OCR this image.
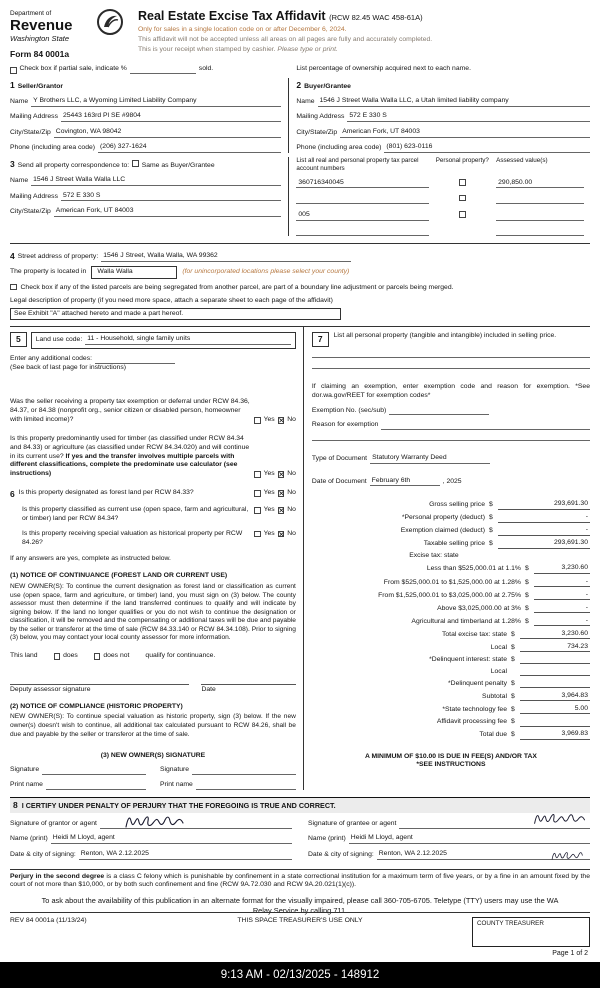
Department of
Revenue
Washington State
Form 84 0001a
Real Estate Excise Tax Affidavit (RCW 82.45 WAC 458-61A)
Only for sales in a single location code on or after December 6, 2024.
This affidavit will not be accepted unless all areas on all pages are fully and accurately completed.
This is your receipt when stamped by cashier. Please type or print.
Check box if partial sale, indicate %	sold.	List percentage of ownership acquired next to each name.
1 Seller/Grantor
Name Y Brothers LLC, a Wyoming Limited Liability Company
Mailing Address 25443 163rd Pl SE #9804
City/State/Zip Covington, WA 98042
Phone (including area code) (206) 327-1624
2 Buyer/Grantee
Name 1546 J Street Walla Walla LLC, a Utah limited liability company
Mailing Address 572 E 330 S
City/State/Zip American Fork, UT 84003
Phone (including area code) (801) 623-0116
3 Send all property correspondence to: Same as Buyer/Grantee
Name 1546 J Street Walla Walla LLC
Mailing Address 572 E 330 S
City/State/Zip American Fork, UT 84003
List all real and personal property tax parcel account numbers
Personal property?	Assessed value(s)
360716340045	290,850.00
005
4 Street address of property: 1546 J Street, Walla Walla, WA 99362
The property is located in	Walla Walla	(for unincorporated locations please select your county)
Check box if any of the listed parcels are being segregated from another parcel, are part of a boundary line adjustment or parcels being merged.
Legal description of property (if you need more space, attach a separate sheet to each page of the affidavit)
See Exhibit "A" attached hereto and made a part hereof.
5	Land use code: 11 - Household, single family units
Enter any additional codes:
(See back of last page for instructions)
Was the seller receiving a property tax exemption or deferral under RCW 84.36, 84.37, or 84.38 (nonprofit org., senior citizen or disabled person, homeowner with limited income)?	Yes ✕ No
Is this property predominantly used for timber (as classified under RCW 84.34 and 84.33) or agriculture (as classified under RCW 84.34.020) and will continue in its current use? If yes and the transfer involves multiple parcels with different classifications, complete the predominate use calculator (see instructions)	Yes ✕ No
6 Is this property designated as forest land per RCW 84.33?	Yes ✕ No
Is this property classified as current use (open space, farm and agricultural, or timber) land per RCW 84.34?
Yes ✕ No
Is this property receiving special valuation as historical property per RCW 84.26?
Yes ✕ No
If any answers are yes, complete as instructed below.
(1) NOTICE OF CONTINUANCE (FOREST LAND OR CURRENT USE)
NEW OWNER(S): To continue the current designation as forest land or classification as current use (open space, farm and agriculture, or timber) land, you must sign on (3) below. The county assessor must then determine if the land transferred continues to qualify and will indicate by signing below. If the land no longer qualifies or you do not wish to continue the designation or classification, it will be removed and the compensating or additional taxes will be due and payable by the seller or transferor at the time of sale (RCW 84.33.140 or RCW 84.34.108). Prior to signing (3) below, you may contact your local county assessor for more information.
This land	does	does not qualify for continuance.
Deputy assessor signature	Date
(2) NOTICE OF COMPLIANCE (HISTORIC PROPERTY)
NEW OWNER(S): To continue special valuation as historic property, sign (3) below. If the new owner(s) doesn't wish to continue, all additional tax calculated pursuant to RCW 84.26, shall be due and payable by the seller or transferor at the time of sale.
(3) NEW OWNER(S) SIGNATURE
Signature	Signature
Print name	Print name
7	List all personal property (tangible and intangible) included in selling price.
If claiming an exemption, enter exemption code and reason for exemption. *See dor.wa.gov/REET for exemption codes*
Exemption No. (sec/sub)
Reason for exemption
Type of Document Statutory Warranty Deed
Date of Document February 6th	, 2025
Gross selling price $	293,691.30
*Personal property (deduct) $	-
Exemption claimed (deduct) $	-
Taxable selling price $	293,691.30
Excise tax: state
Less than $525,000.01 at 1.1% $	3,230.60
From $525,000.01 to $1,525,000.00 at 1.28% $	-
From $1,525,000.01 to $3,025,000.00 at 2.75% $	-
Above $3,025,000.00 at 3% $	-
Agricultural and timberland at 1.28% $	-
Total excise tax: state $	3,230.60
Local $	734.23
*Delinquent interest: state $
Local
*Delinquent penalty $
Subtotal $	3,964.83
*State technology fee $	5.00
Affidavit processing fee $
Total due $	3,969.83
A MINIMUM OF $10.00 IS DUE IN FEE(S) AND/OR TAX
*SEE INSTRUCTIONS
8 I CERTIFY UNDER PENALTY OF PERJURY THAT THE FOREGOING IS TRUE AND CORRECT.
Signature of grantor or agent
Name (print) Heidi M Lloyd, agent
Date & city of signing: Renton, WA 2.12.2025
Signature of grantee or agent
Name (print) Heidi M Lloyd, agent
Date & city of signing: Renton, WA 2.12.2025

Perjury in the second degree is a class C felony which is punishable by confinement in a state correctional institution for a maximum term of five years, or by a fine in an amount fixed by the court of not more than $10,000, or by both such confinement and fine (RCW 9A.72.030 and RCW 9A.20.021(1)(c)).

To ask about the availability of this publication in an alternate format for the visually impaired, please call 360-705-6705. Teletype (TTY) users may use the WA Relay Service by calling 711.

REV 84 0001a (11/13/24)	THIS SPACE TREASURER'S USE ONLY	COUNTY TREASURER
Page 1 of 2
9:13 AM - 02/13/2025 - 148912
